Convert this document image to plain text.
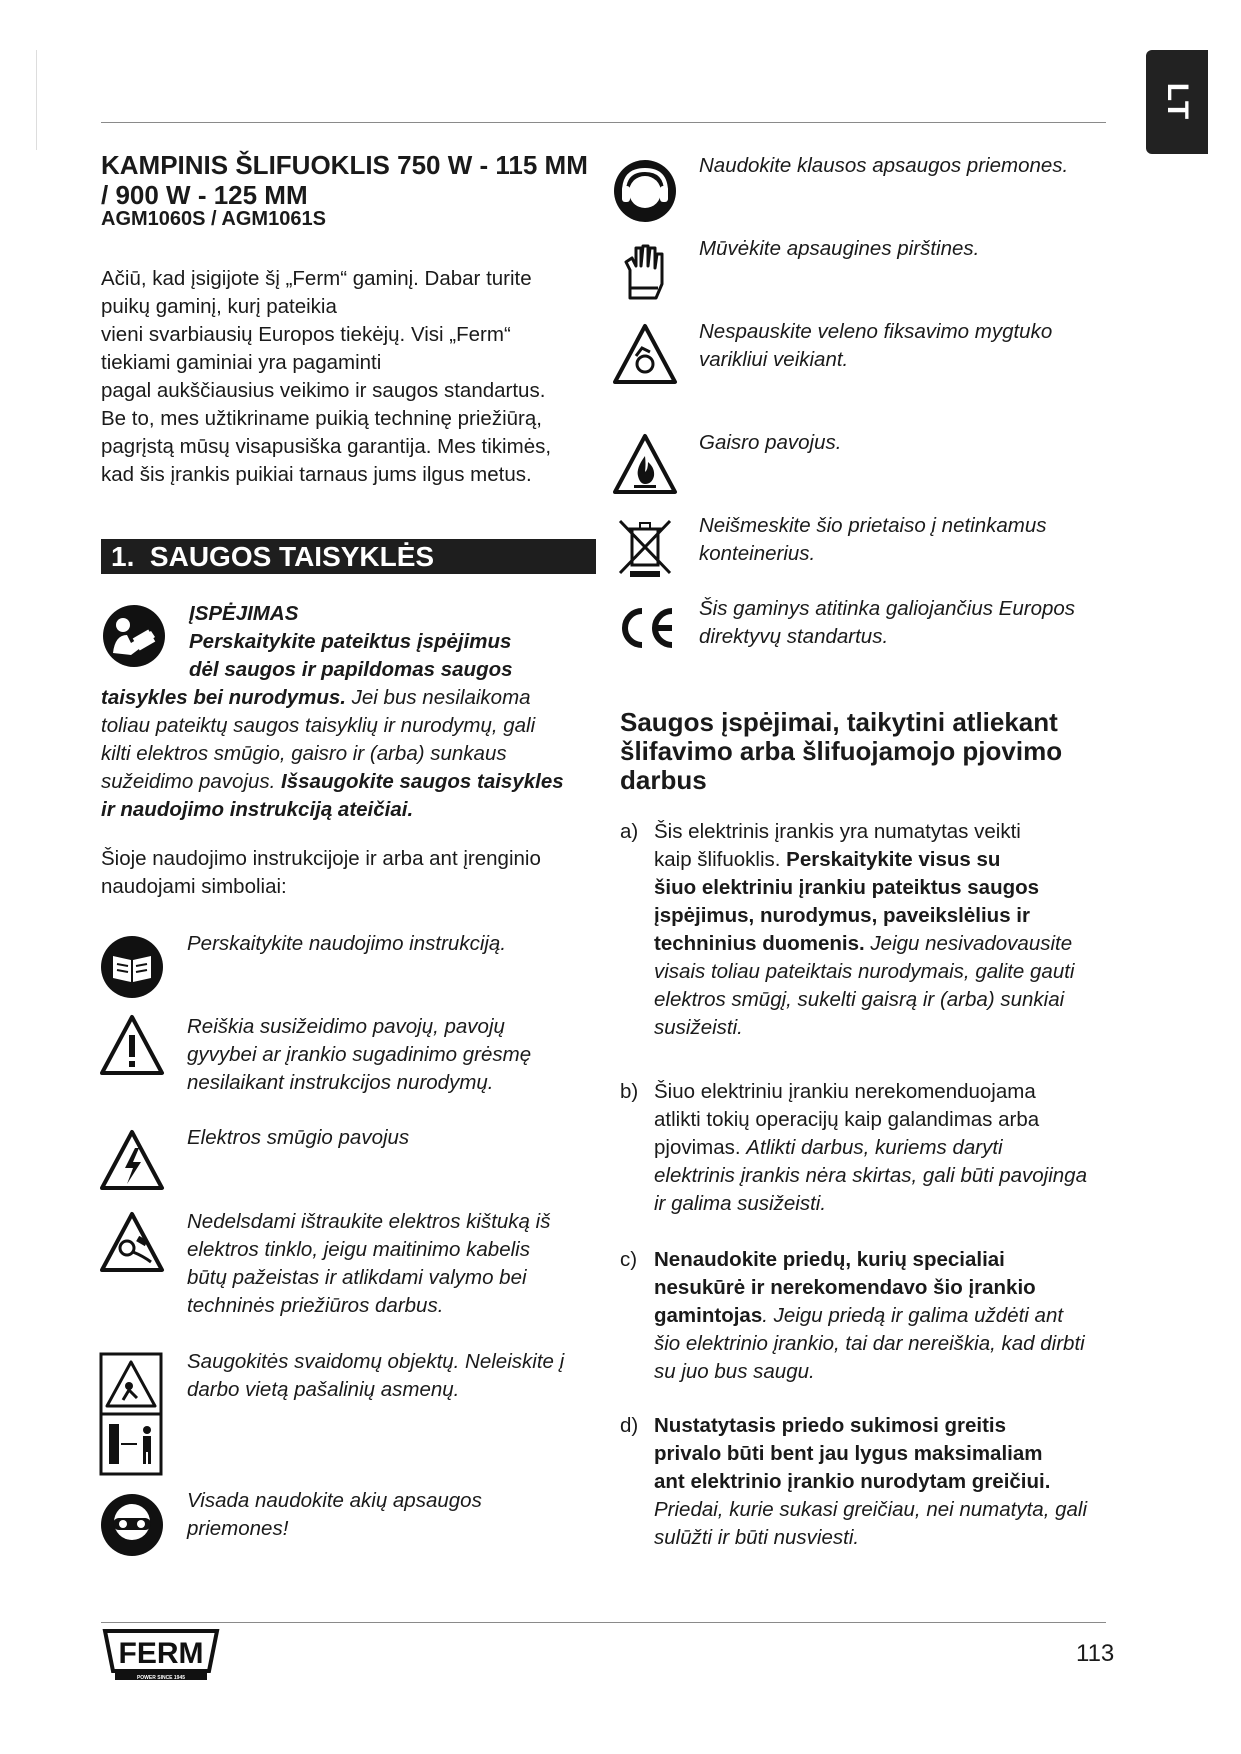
LT
KAMPINIS ŠLIFUOKLIS 750 W - 115 MM / 900 W - 125 MM
AGM1060S / AGM1061S
Ačiū, kad įsigijote šį „Ferm“ gaminį. Dabar turite
puikų gaminį, kurį pateikia
vieni svarbiausių Europos tiekėjų. Visi „Ferm“
tiekiami gaminiai yra pagaminti
pagal aukščiausius veikimo ir saugos standartus.
Be to, mes užtikriname puikią techninę priežiūrą,
pagrįstą mūsų visapusiška garantija. Mes tikimės,
kad šis įrankis puikiai tarnaus jums ilgus metus.
1. SAUGOS TAISYKLĖS
ĮSPĖJIMAS
Perskaitykite pateiktus įspėjimus
dėl saugos ir papildomas saugos
taisykles bei nurodymus. Jei bus nesilaikoma
toliau pateiktų saugos taisyklių ir nurodymų, gali
kilti elektros smūgio, gaisro ir (arba) sunkaus
sužeidimo pavojus. Išsaugokite saugos taisykles
ir naudojimo instrukciją ateičiai.
Šioje naudojimo instrukcijoje ir arba ant įrenginio
naudojami simboliai:
Perskaitykite naudojimo instrukciją.
Reiškia susižeidimo pavojų, pavojų
gyvybei ar įrankio sugadinimo grėsmę
nesilaikant instrukcijos nurodymų.
Elektros smūgio pavojus
Nedelsdami ištraukite elektros kištuką iš
elektros tinklo, jeigu maitinimo kabelis
būtų pažeistas ir atlikdami valymo bei
techninės priežiūros darbus.
Saugokitės svaidomų objektų. Neleiskite į
darbo vietą pašalinių asmenų.
Visada naudokite akių apsaugos
priemones!
Naudokite klausos apsaugos priemones.
Mūvėkite apsaugines pirštines.
Nespauskite veleno fiksavimo mygtuko
varikliui veikiant.
Gaisro pavojus.
Neišmeskite šio prietaiso į netinkamus
konteinerius.
Šis gaminys atitinka galiojančius Europos
direktyvų standartus.
Saugos įspėjimai, taikytini atliekant
šlifavimo arba šlifuojamojo pjovimo
darbus
a) Šis elektrinis įrankis yra numatytas veikti
kaip šlifuoklis. Perskaitykite visus su
šiuo elektriniu įrankiu pateiktus saugos
įspėjimus, nurodymus, paveikslėlius ir
techninius duomenis. Jeigu nesivadovausite
visais toliau pateiktais nurodymais, galite gauti
elektros smūgį, sukelti gaisrą ir (arba) sunkiai
susižeisti.
b) Šiuo elektriniu įrankiu nerekomenduojama
atlikti tokių operacijų kaip galandimas arba
pjovimas. Atlikti darbus, kuriems daryti
elektrinis įrankis nėra skirtas, gali būti pavojinga
ir galima susižeisti.
c) Nenaudokite priedų, kurių specialiai
nesukūrė ir nerekomendavo šio įrankio
gamintojas. Jeigu priedą ir galima uždėti ant
šio elektrinio įrankio, tai dar nereiškia, kad dirbti
su juo bus saugu.
d) Nustatytasis priedo sukimosi greitis
privalo būti bent jau lygus maksimaliam
ant elektrinio įrankio nurodytam greičiui.
Priedai, kurie sukasi greičiau, nei numatyta, gali
sulūžti ir būti nusviesti.
FERM
POWER SINCE 1945
113
